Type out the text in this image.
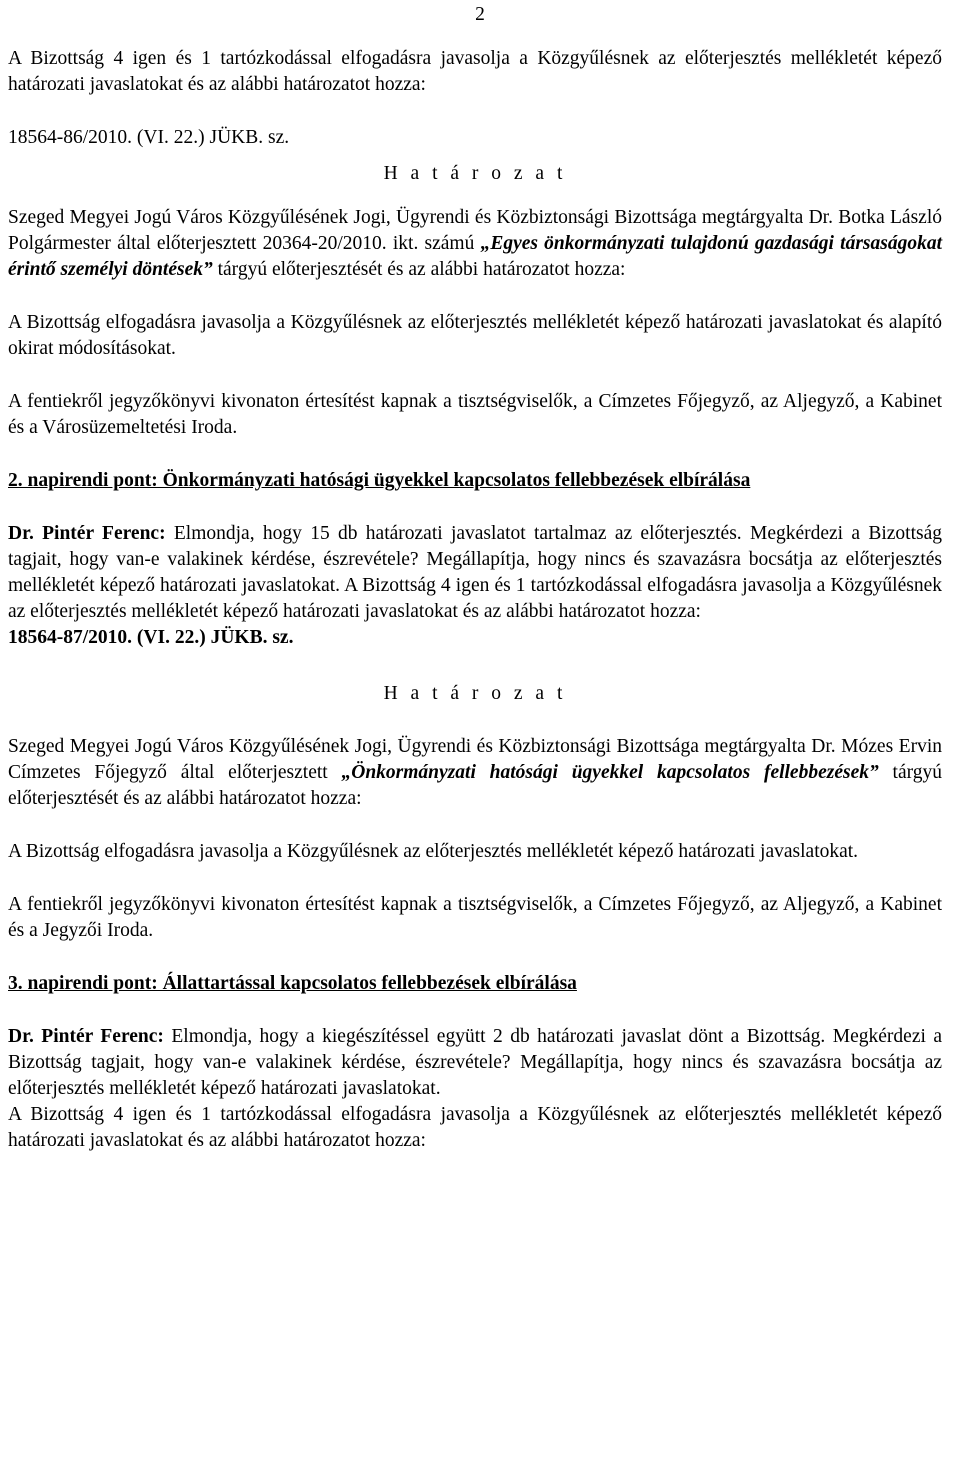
2

A Bizottság 4 igen és 1 tartózkodással elfogadásra javasolja a Közgyűlésnek az előterjesztés mellékletét képező határozati javaslatokat és az alábbi határozatot hozza:

18564-86/2010. (VI. 22.) JÜKB. sz.

H a t á r o z a t

Szeged Megyei Jogú Város Közgyűlésének Jogi, Ügyrendi és Közbiztonsági Bizottsága megtárgyalta Dr. Botka László Polgármester által előterjesztett 20364-20/2010. ikt. számú „Egyes önkormányzati tulajdonú gazdasági társaságokat érintő személyi döntések” tárgyú előterjesztését és az alábbi határozatot hozza:

A Bizottság elfogadásra javasolja a Közgyűlésnek az előterjesztés mellékletét képező határozati javaslatokat és alapító okirat módosításokat.

A fentiekről jegyzőkönyvi kivonaton értesítést kapnak a tisztségviselők, a Címzetes Főjegyző, az Aljegyző, a Kabinet és a Városüzemeltetési Iroda.

2. napirendi pont: Önkormányzati hatósági ügyekkel kapcsolatos fellebbezések elbírálása

Dr. Pintér Ferenc: Elmondja, hogy 15 db határozati javaslatot tartalmaz az előterjesztés. Megkérdezi a Bizottság tagjait, hogy van-e valakinek kérdése, észrevétele? Megállapítja, hogy nincs és szavazásra bocsátja az előterjesztés mellékletét képező határozati javaslatokat. A Bizottság 4 igen és 1 tartózkodással elfogadásra javasolja a Közgyűlésnek az előterjesztés mellékletét képező határozati javaslatokat és az alábbi határozatot hozza:

18564-87/2010. (VI. 22.) JÜKB. sz.

H a t á r o z a t

Szeged Megyei Jogú Város Közgyűlésének Jogi, Ügyrendi és Közbiztonsági Bizottsága megtárgyalta Dr. Mózes Ervin Címzetes Főjegyző által előterjesztett „Önkormányzati hatósági ügyekkel kapcsolatos fellebbezések” tárgyú előterjesztését és az alábbi határozatot hozza:

A Bizottság elfogadásra javasolja a Közgyűlésnek az előterjesztés mellékletét képező határozati javaslatokat.

A fentiekről jegyzőkönyvi kivonaton értesítést kapnak a tisztségviselők, a Címzetes Főjegyző, az Aljegyző, a Kabinet és a Jegyzői Iroda.

3. napirendi pont: Állattartással kapcsolatos fellebbezések elbírálása

Dr. Pintér Ferenc: Elmondja, hogy a kiegészítéssel együtt 2 db határozati javaslat dönt a Bizottság. Megkérdezi a Bizottság tagjait, hogy van-e valakinek kérdése, észrevétele? Megállapítja, hogy nincs és szavazásra bocsátja az előterjesztés mellékletét képező határozati javaslatokat.

A Bizottság 4 igen és 1 tartózkodással elfogadásra javasolja a Közgyűlésnek az előterjesztés mellékletét képező határozati javaslatokat és az alábbi határozatot hozza:
